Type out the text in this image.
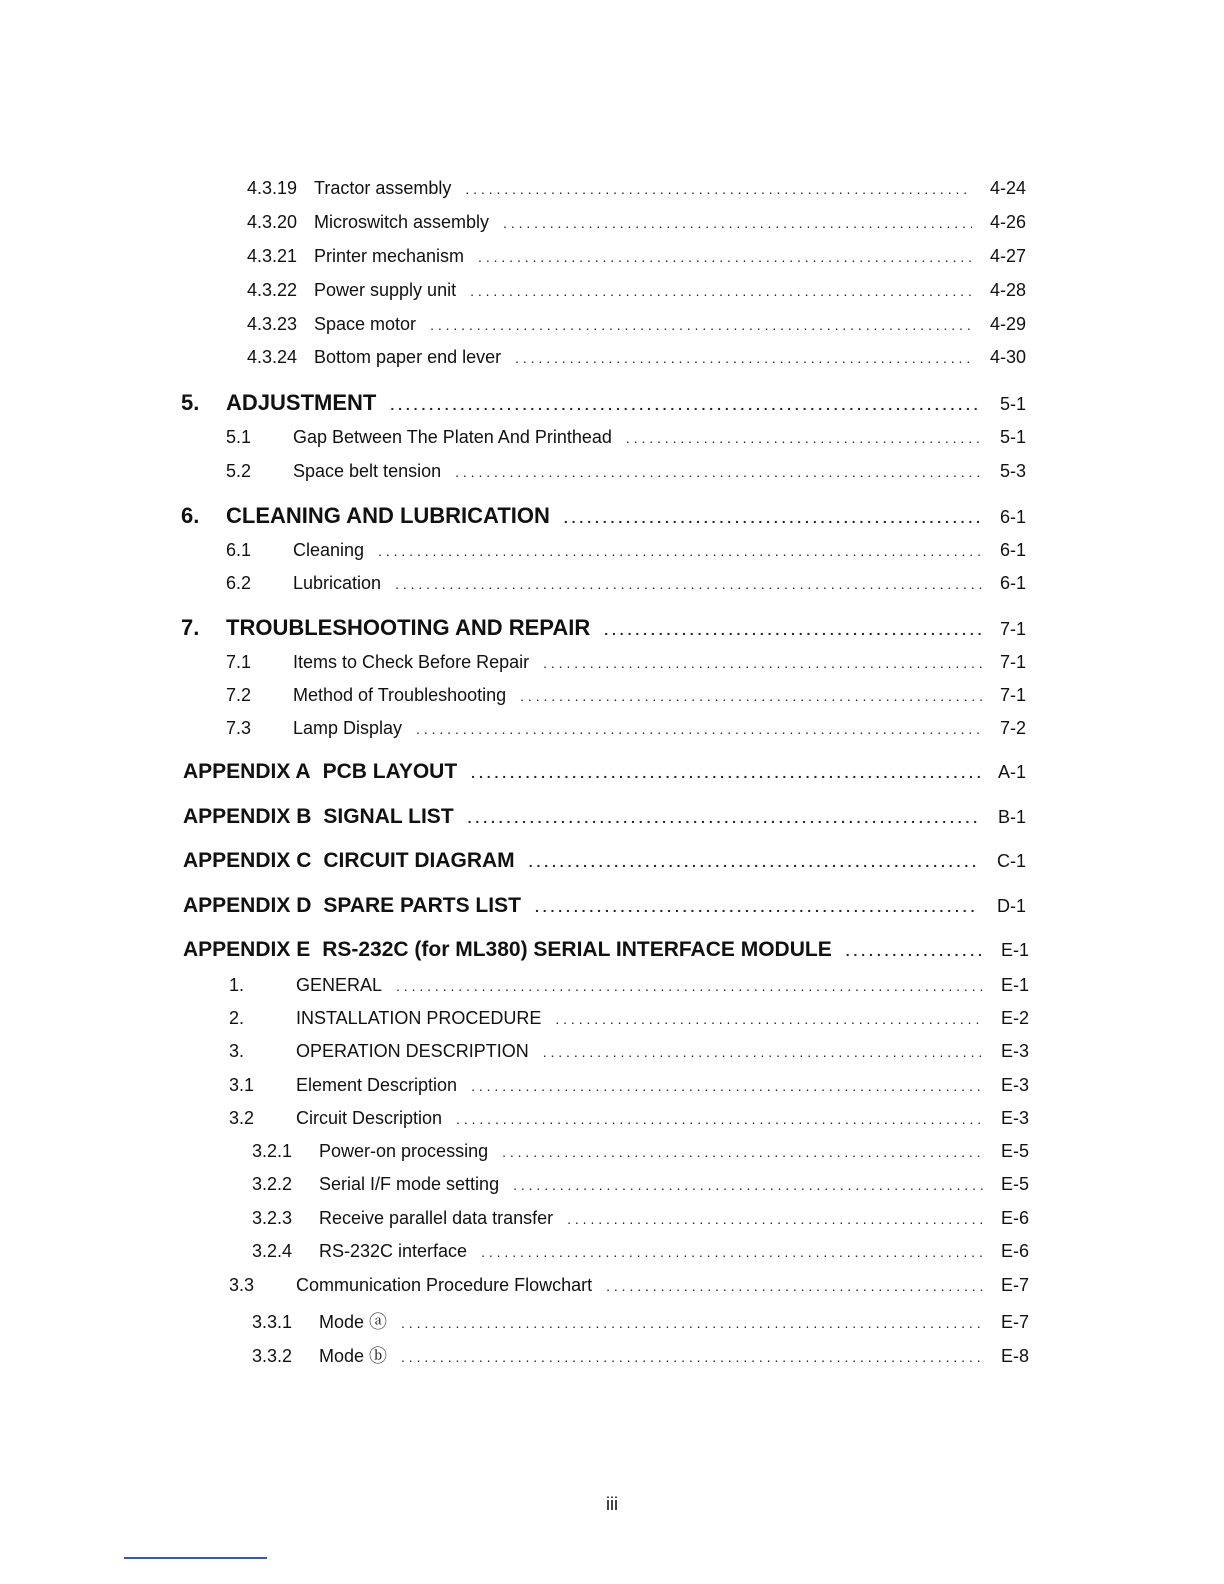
4.3.19 Tractor assembly . . .	4-24
4.3.20 Microswitch assembly . . .	4-26
4.3.21 Printer mechanism . . .	4-27
4.3.22 Power supply unit . . .	4-28
4.3.23 Space motor . . .	4-29
4.3.24 Bottom paper end lever . . .	4-30
5.	ADJUSTMENT . . .	5-1
5.1	Gap Between The Platen And Printhead . . .	5-1
5.2	Space belt tension . . .	5-3
6.	CLEANING AND LUBRICATION . . .	6-1
6.1	Cleaning . . .	6-1
6.2	Lubrication . . .	6-1
7.	TROUBLESHOOTING AND REPAIR . . .	7-1
7.1	Items to Check Before Repair . . .	7-1
7.2	Method of Troubleshooting . . .	7-1
7.3	Lamp Display . . .	7-2
APPENDIX A PCB LAYOUT . . .	A-1
APPENDIX B SIGNAL LIST . . .	B-1
APPENDIX C CIRCUIT DIAGRAM . . .	C-1
APPENDIX D SPARE PARTS LIST . . .	D-1
APPENDIX E RS-232C (for ML380) SERIAL INTERFACE MODULE . . .	E-1
1.	GENERAL . . .	E-1
2.	INSTALLATION PROCEDURE . . .	E-2
3.	OPERATION DESCRIPTION . . .	E-3
3.1	Element Description . . .	E-3
3.2	Circuit Description . . .	E-3
3.2.1	Power-on processing . . .	E-5
3.2.2	Serial I/F mode setting . . .	E-5
3.2.3	Receive parallel data transfer . . .	E-6
3.2.4	RS-232C interface . . .	E-6
3.3	Communication Procedure Flowchart . . .	E-7
3.3.1	Mode ⓐ . . .	E-7
3.3.2	Mode ⓑ . . .	E-8
iii
